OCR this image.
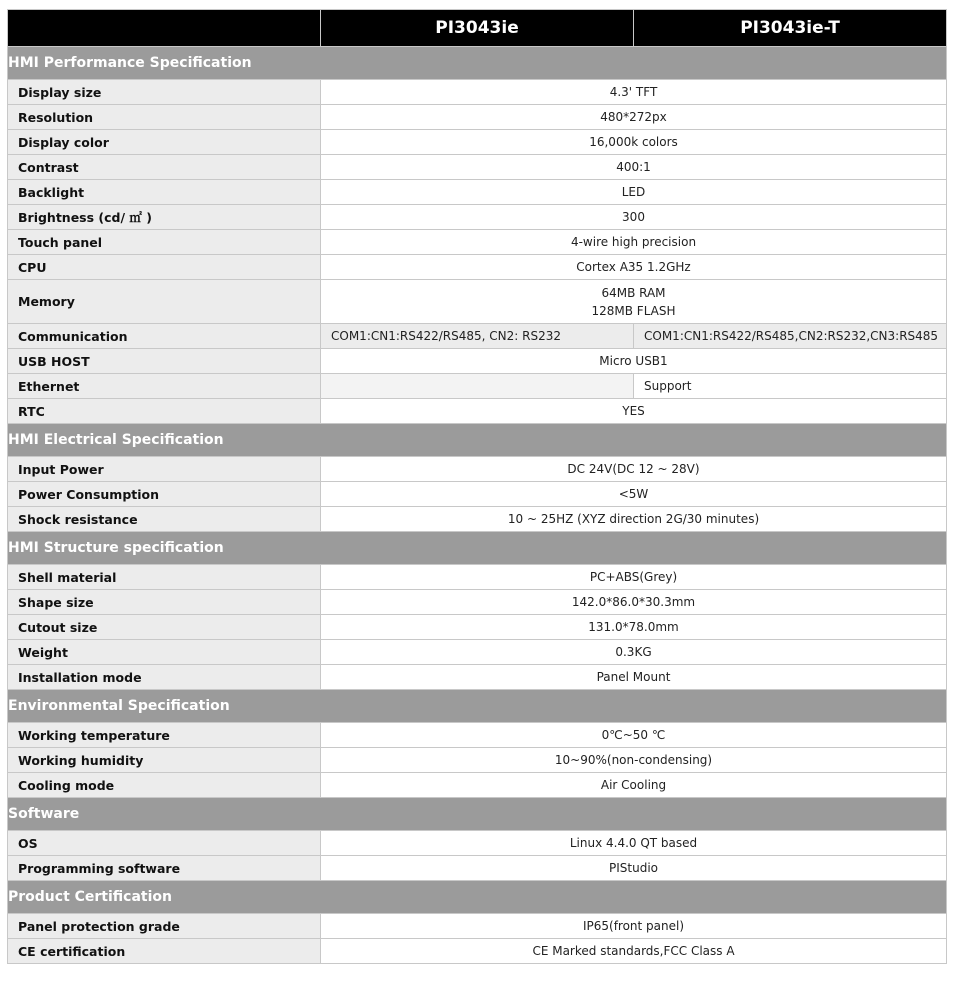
	PI3043ie	PI3043ie-T
HMI Performance Specification		
Display size	4.3' TFT	
Resolution	480*272px	
Display color	16,000k colors	
Contrast	400:1	
Backlight	LED	
Brightness (cd/ ㎡ )	300	
Touch panel	4-wire high precision	
CPU	Cortex A35 1.2GHz	
Memory	64MB RAM
128MB FLASH	

Communication	COM1:CN1:RS422/RS485, CN2: RS232	COM1:CN1:RS422/RS485,CN2:RS232,CN3:RS485
USB HOST	Micro USB1	
Ethernet		Support
RTC	YES	
HMI Electrical Specification		
Input Power	DC 24V(DC 12 ~ 28V)	
Power Consumption	<5W	
Shock resistance	10 ~ 25HZ (XYZ direction 2G/30 minutes)	
HMI Structure specification		
Shell material	PC+ABS(Grey)	
Shape size	142.0*86.0*30.3mm	
Cutout size	131.0*78.0mm	
Weight	0.3KG	
Installation mode	Panel Mount	
Environmental Specification		
Working temperature	0℃~50 ℃	
Working humidity	10~90%(non-condensing)	
Cooling mode	Air Cooling	
Software		
OS	Linux 4.4.0 QT based	
Programming software	PIStudio	
Product Certification		
Panel protection grade	IP65(front panel)	
CE certification	CE Marked standards,FCC Class A	
